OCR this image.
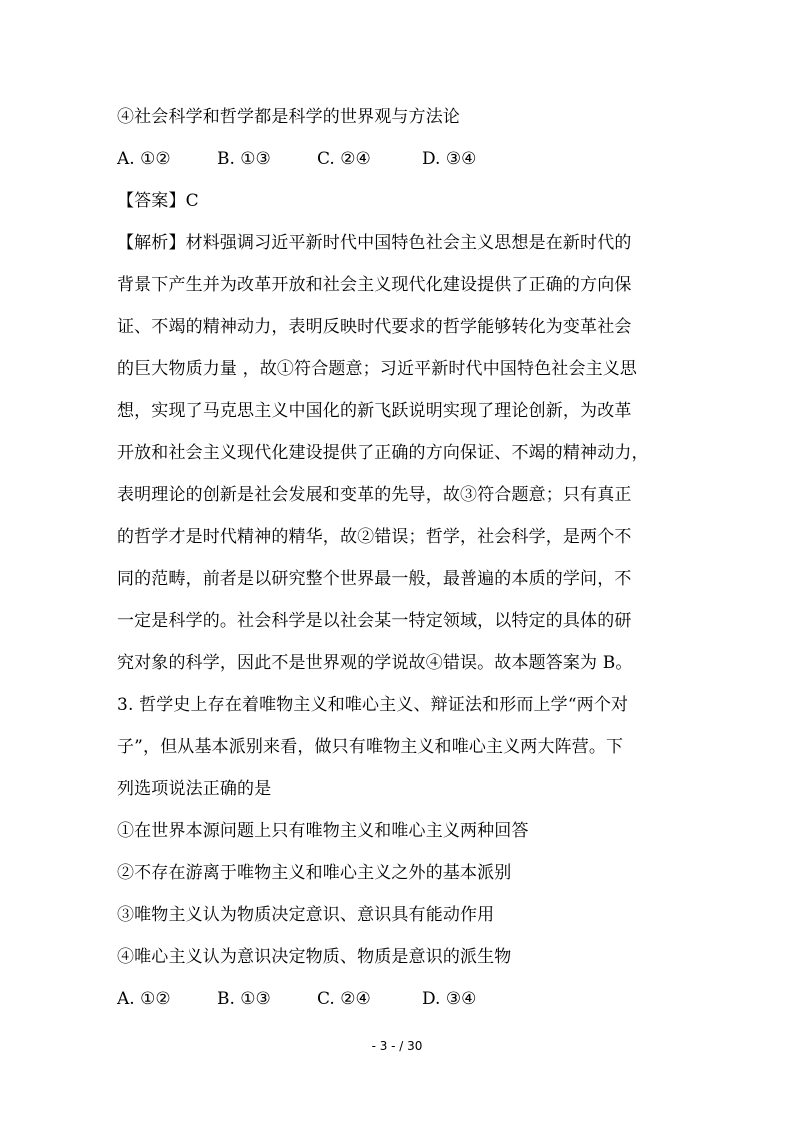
④社会科学和哲学都是科学的世界观与方法论
A. ①②	B. ①③	C. ②④	D. ③④
【答案】C
【解析】材料强调习近平新时代中国特色社会主义思想是在新时代的
背景下产生并为改革开放和社会主义现代化建设提供了正确的方向保
证、不竭的精神动力，表明反映时代要求的哲学能够转化为变革社会
的巨大物质力量 ，故①符合题意；习近平新时代中国特色社会主义思
想，实现了马克思主义中国化的新飞跃说明实现了理论创新，为改革
开放和社会主义现代化建设提供了正确的方向保证、不竭的精神动力，
表明理论的创新是社会发展和变革的先导，故③符合题意；只有真正
的哲学才是时代精神的精华，故②错误；哲学，社会科学，是两个不
同的范畴，前者是以研究整个世界最一般，最普遍的本质的学问，不
一定是科学的。社会科学是以社会某一特定领域，以特定的具体的研
究对象的科学，因此不是世界观的学说故④错误。故本题答案为 B。
3. 哲学史上存在着唯物主义和唯心主义、辩证法和形而上学“两个对
子”，但从基本派别来看，做只有唯物主义和唯心主义两大阵营。下
列选项说法正确的是
①在世界本源问题上只有唯物主义和唯心主义两种回答
②不存在游离于唯物主义和唯心主义之外的基本派别
③唯物主义认为物质决定意识、意识具有能动作用
④唯心主义认为意识决定物质、物质是意识的派生物
A. ①②	B. ①③	C. ②④	D. ③④
- 3 - / 30
